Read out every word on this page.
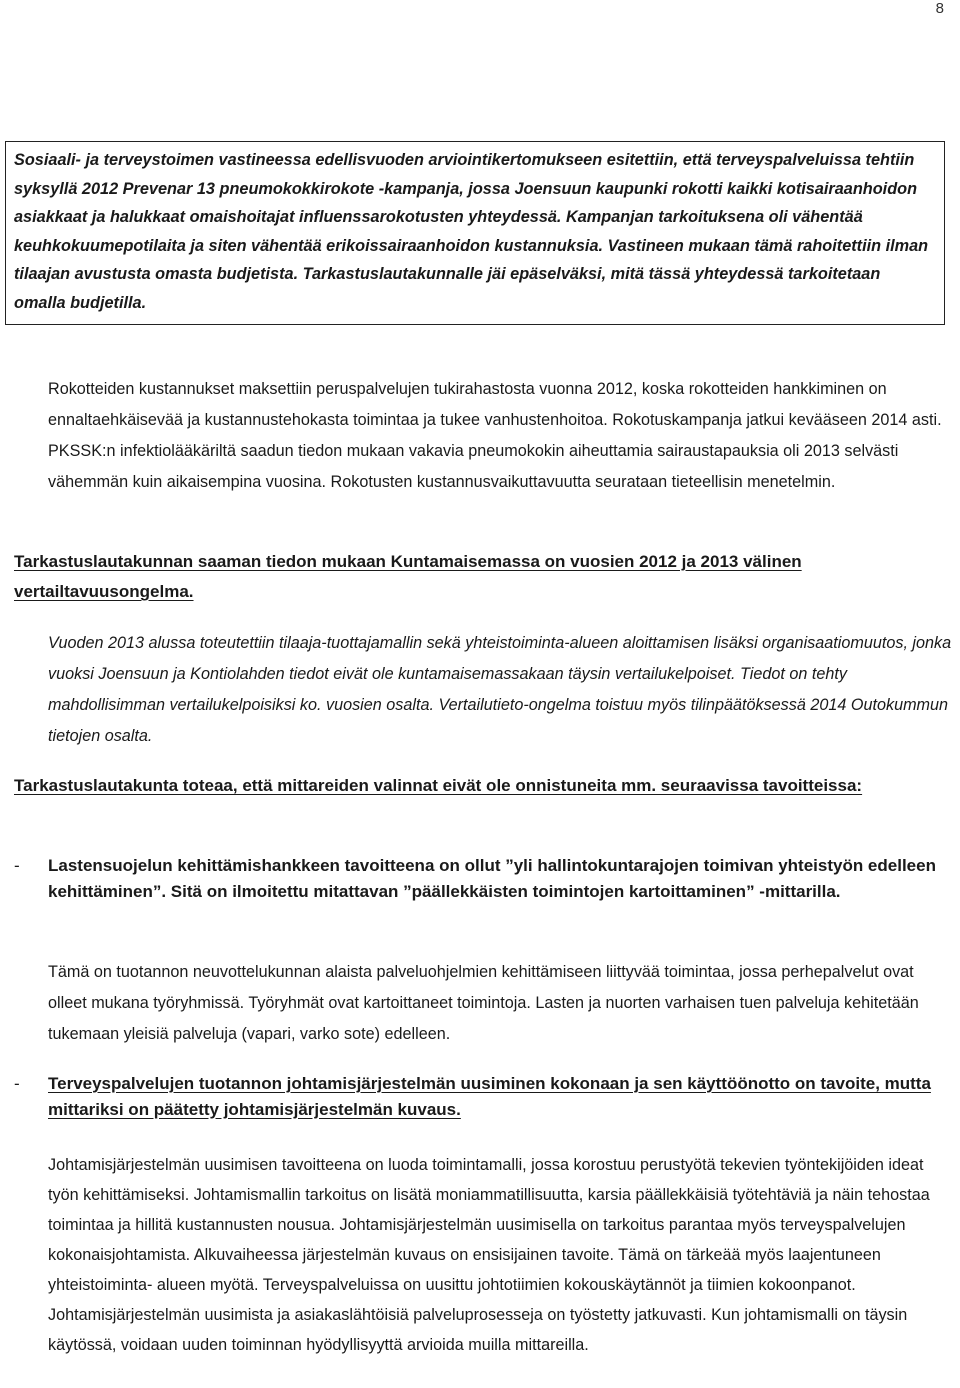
8
Sosiaali- ja terveystoimen vastineessa edellisvuoden arviointikertomukseen esitettiin, että terveyspalveluissa tehtiin syksyllä 2012 Prevenar 13 pneumokokkirokote -kampanja, jossa Joensuun kaupunki rokotti kaikki kotisairaanhoidon asiakkaat ja halukkaat omaishoitajat influenssarokotusten yhteydessä. Kampanjan tarkoituksena oli vähentää keuhkokuumepotilaita ja siten vähentää erikoissairaanhoidon kustannuksia. Vastineen mukaan tämä rahoitettiin ilman tilaajan avustusta omasta budjetista. Tarkastuslautakunnalle jäi epäselväksi, mitä tässä yhteydessä tarkoitetaan omalla budjetilla.
Rokotteiden kustannukset maksettiin peruspalvelujen tukirahastosta vuonna 2012, koska rokotteiden hankkiminen on ennaltaehkäisevää ja kustannustehokasta toimintaa ja tukee vanhustenhoitoa. Rokotuskampanja jatkui kevääseen 2014 asti. PKSSK:n infektiolääkäriltä saadun tiedon mukaan vakavia pneumokokin aiheuttamia sairaustapauksia oli 2013 selvästi vähemmän kuin aikaisempina vuosina. Rokotusten kustannusvaikuttavuutta seurataan tieteellisin menetelmin.
Tarkastuslautakunnan saaman tiedon mukaan Kuntamaisemassa on vuosien 2012 ja 2013 välinen vertailtavuusongelma.
Vuoden 2013 alussa toteutettiin tilaaja-tuottajamallin sekä yhteistoiminta-alueen aloittamisen lisäksi organisaatiomuutos, jonka vuoksi Joensuun ja Kontiolahden tiedot eivät ole kuntamaisemassakaan täysin vertailukelpoiset. Tiedot on tehty mahdollisimman vertailukelpoisiksi ko. vuosien osalta. Vertailutieto-ongelma toistuu myös tilinpäätöksessä 2014 Outokummun tietojen osalta.
Tarkastuslautakunta toteaa, että mittareiden valinnat eivät ole onnistuneita mm. seuraavissa tavoitteissa:
-	Lastensuojelun kehittämishankkeen tavoitteena on ollut ”yli hallintokuntarajojen toimivan yhteistyön edelleen kehittäminen”. Sitä on ilmoitettu mitattavan ”päällekkäisten toimintojen kartoittaminen” -mittarilla.
Tämä on tuotannon neuvottelukunnan alaista palveluohjelmien kehittämiseen liittyvää toimintaa, jossa perhepalvelut ovat olleet mukana työryhmissä. Työryhmät ovat kartoittaneet toimintoja. Lasten ja nuorten varhaisen tuen palveluja kehitetään tukemaan yleisiä palveluja (vapari, varko sote) edelleen.
-	Terveyspalvelujen tuotannon johtamisjärjestelmän uusiminen kokonaan ja sen käyttöönotto on tavoite, mutta mittariksi on päätetty johtamisjärjestelmän kuvaus.
Johtamisjärjestelmän uusimisen tavoitteena on luoda toimintamalli, jossa korostuu perustyötä tekevien työntekijöiden ideat työn kehittämiseksi. Johtamismallin tarkoitus on lisätä moniammatillisuutta, karsia päällekkäisiä työtehtäviä ja näin tehostaa toimintaa ja hillitä kustannusten nousua. Johtamisjärjestelmän uusimisella on tarkoitus parantaa myös terveyspalvelujen kokonaisjohtamista. Alkuvaiheessa järjestelmän kuvaus on ensisijainen tavoite. Tämä on tärkeää myös laajentuneen yhteistoiminta- alueen myötä. Terveyspalveluissa on uusittu johtotiimien kokouskäytännöt ja tiimien kokoonpanot.
Johtamisjärjestelmän uusimista ja asiakaslähtöisiä palveluprosesseja on työstetty jatkuvasti. Kun johtamismalli on täysin käytössä, voidaan uuden toiminnan hyödyllisyyttä arvioida muilla mittareilla.
